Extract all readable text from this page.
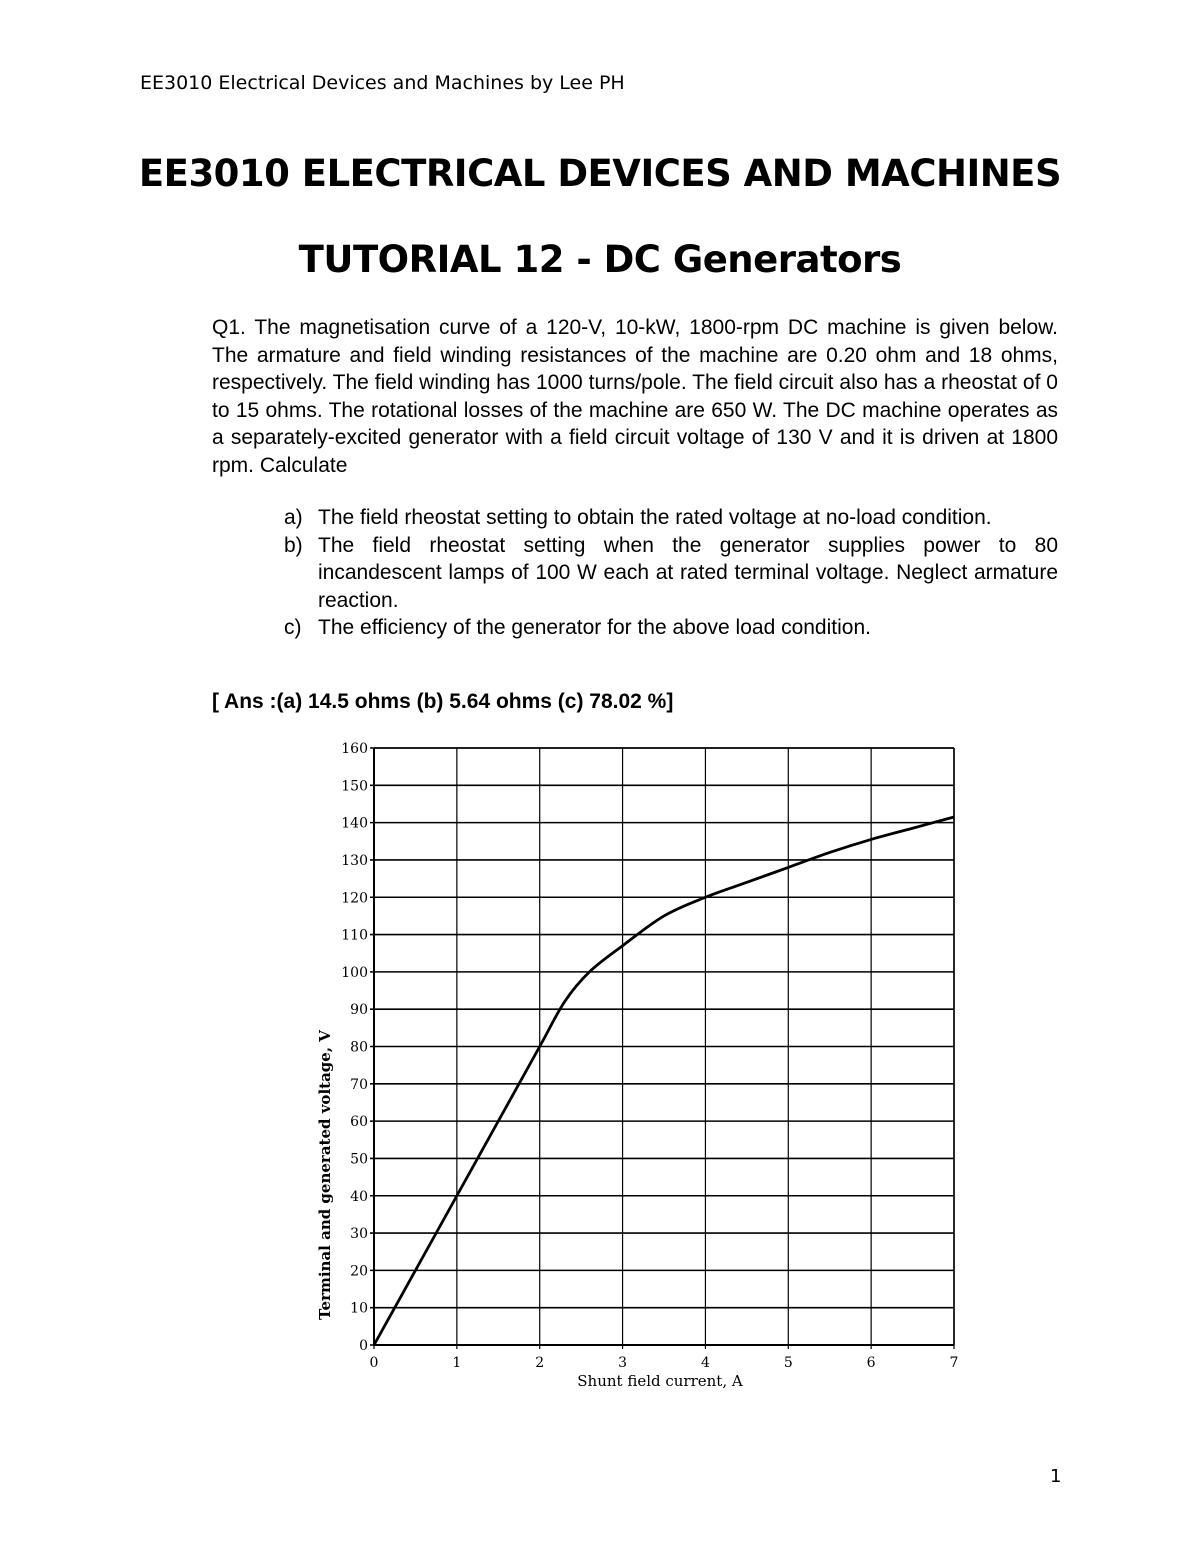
EE3010 Electrical Devices and Machines by Lee PH
EE3010 ELECTRICAL DEVICES AND MACHINES
TUTORIAL 12 - DC Generators

Q1. The magnetisation curve of a 120-V, 10-kW, 1800-rpm DC machine is given below. The armature and field winding resistances of the machine are 0.20 ohm and 18 ohms, respectively. The field winding has 1000 turns/pole. The field circuit also has a rheostat of 0 to 15 ohms. The rotational losses of the machine are 650 W. The DC machine operates as a separately-excited generator with a field circuit voltage of 130 V and it is driven at 1800 rpm. Calculate

a) The field rheostat setting to obtain the rated voltage at no-load condition.
b) The field rheostat setting when the generator supplies power to 80 incandescent lamps of 100 W each at rated terminal voltage. Neglect armature reaction.
c) The efficiency of the generator for the above load condition.
[ Ans :(a) 14.5 ohms (b) 5.64 ohms (c) 78.02 %]
0
10
20
30
40
50
60
70
80
90
100
110
120
130
140
150
160
0	1	2	3	4	5	6	7
Shunt field current, A
Terminal and generated voltage, V
1
